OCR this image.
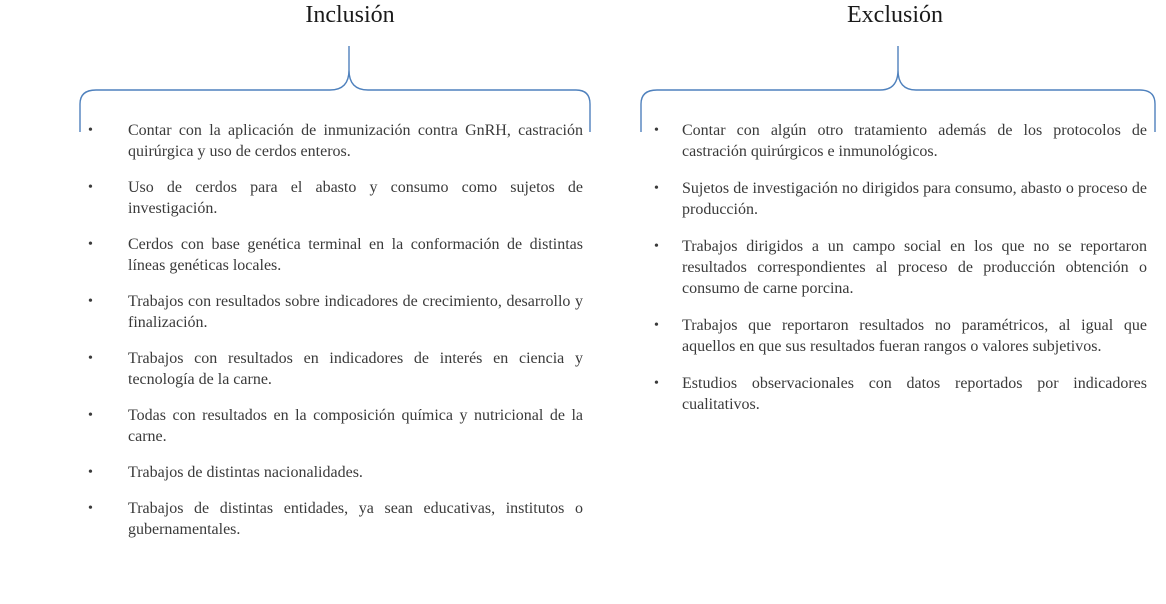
Inclusión	Exclusión
• Contar con la aplicación de inmunización contra GnRH, castración quirúrgica y uso de cerdos enteros.
• Uso de cerdos para el abasto y consumo como sujetos de investigación.
• Cerdos con base genética terminal en la conformación de distintas líneas genéticas locales.
• Trabajos con resultados sobre indicadores de crecimiento, desarrollo y finalización.
• Trabajos con resultados en indicadores de interés en ciencia y tecnología de la carne.
• Todas con resultados en la composición química y nutricional de la carne.
• Trabajos de distintas nacionalidades.
• Trabajos de distintas entidades, ya sean educativas, institutos o gubernamentales.
• Contar con algún otro tratamiento además de los protocolos de castración quirúrgicos e inmunológicos.
• Sujetos de investigación no dirigidos para consumo, abasto o proceso de producción.
• Trabajos dirigidos a un campo social en los que no se reportaron resultados correspondientes al proceso de producción obtención o consumo de carne porcina.
• Trabajos que reportaron resultados no paramétricos, al igual que aquellos en que sus resultados fueran rangos o valores subjetivos.
• Estudios observacionales con datos reportados por indicadores cualitativos.
